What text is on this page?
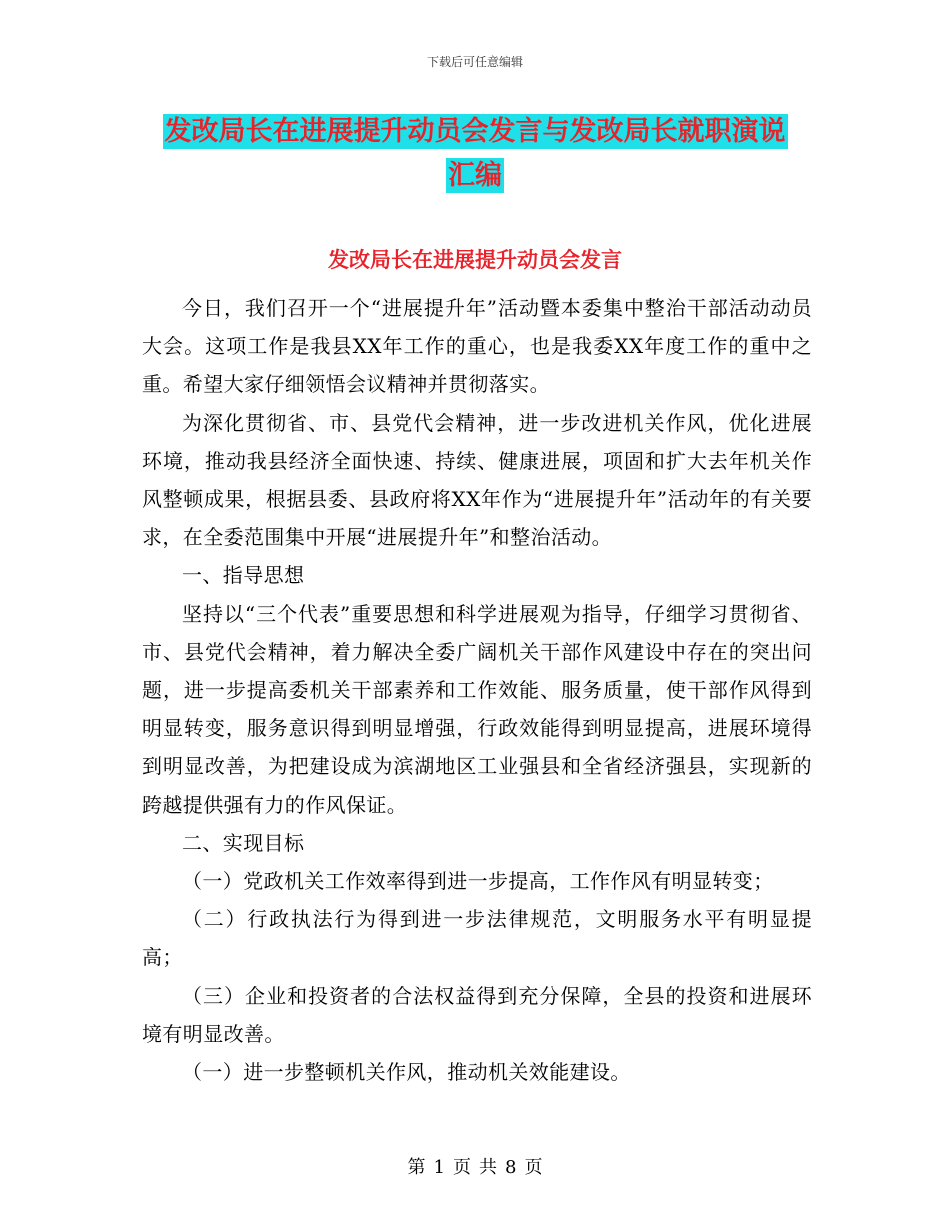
下载后可任意编辑
发改局长在进展提升动员会发言与发改局长就职演说
汇编
发改局长在进展提升动员会发言

今日，我们召开一个“进展提升年”活动暨本委集中整治干部活动动员大会。这项工作是我县XX年工作的重心，也是我委XX年度工作的重中之重。希望大家仔细领悟会议精神并贯彻落实。

为深化贯彻省、市、县党代会精神，进一步改进机关作风，优化进展环境，推动我县经济全面快速、持续、健康进展，项固和扩大去年机关作风整顿成果，根据县委、县政府将XX年作为“进展提升年”活动年的有关要求，在全委范围集中开展“进展提升年”和整治活动。

一、指导思想

坚持以“三个代表”重要思想和科学进展观为指导，仔细学习贯彻省、市、县党代会精神，着力解决全委广阔机关干部作风建设中存在的突出问题，进一步提高委机关干部素养和工作效能、服务质量，使干部作风得到明显转变，服务意识得到明显增强，行政效能得到明显提高，进展环境得到明显改善，为把建设成为滨湖地区工业强县和全省经济强县，实现新的跨越提供强有力的作风保证。

二、实现目标

（一）党政机关工作效率得到进一步提高，工作作风有明显转变；

（二）行政执法行为得到进一步法律规范，文明服务水平有明显提高；

（三）企业和投资者的合法权益得到充分保障，全县的投资和进展环境有明显改善。

（一）进一步整顿机关作风，推动机关效能建设。

第 1 页 共 8 页
